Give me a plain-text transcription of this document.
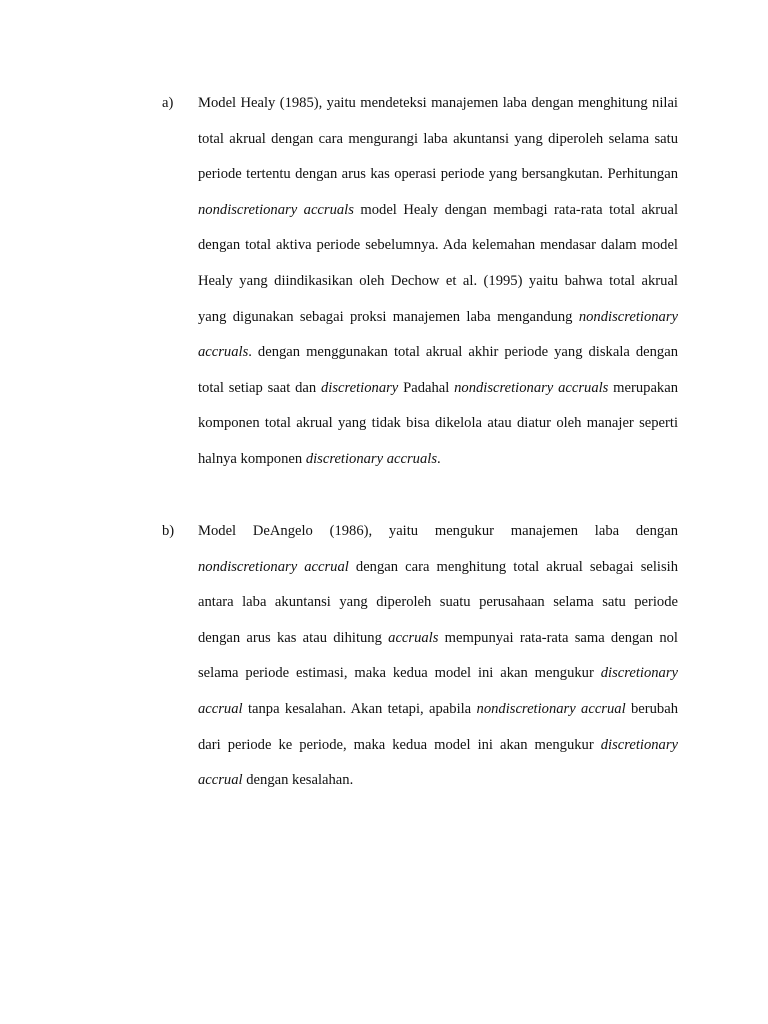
a) Model Healy (1985), yaitu mendeteksi manajemen laba dengan menghitung nilai total akrual dengan cara mengurangi laba akuntansi yang diperoleh selama satu periode tertentu dengan arus kas operasi periode yang bersangkutan. Perhitungan nondiscretionary accruals model Healy dengan membagi rata-rata total akrual dengan total aktiva periode sebelumnya. Ada kelemahan mendasar dalam model Healy yang diindikasikan oleh Dechow et al. (1995) yaitu bahwa total akrual yang digunakan sebagai proksi manajemen laba mengandung nondiscretionary accruals. dengan menggunakan total akrual akhir periode yang diskala dengan total setiap saat dan discretionary Padahal nondiscretionary accruals merupakan komponen total akrual yang tidak bisa dikelola atau diatur oleh manajer seperti halnya komponen discretionary accruals.
b) Model DeAngelo (1986), yaitu mengukur manajemen laba dengan nondiscretionary accrual dengan cara menghitung total akrual sebagai selisih antara laba akuntansi yang diperoleh suatu perusahaan selama satu periode dengan arus kas atau dihitung accruals mempunyai rata-rata sama dengan nol selama periode estimasi, maka kedua model ini akan mengukur discretionary accrual tanpa kesalahan. Akan tetapi, apabila nondiscretionary accrual berubah dari periode ke periode, maka kedua model ini akan mengukur discretionary accrual dengan kesalahan.
